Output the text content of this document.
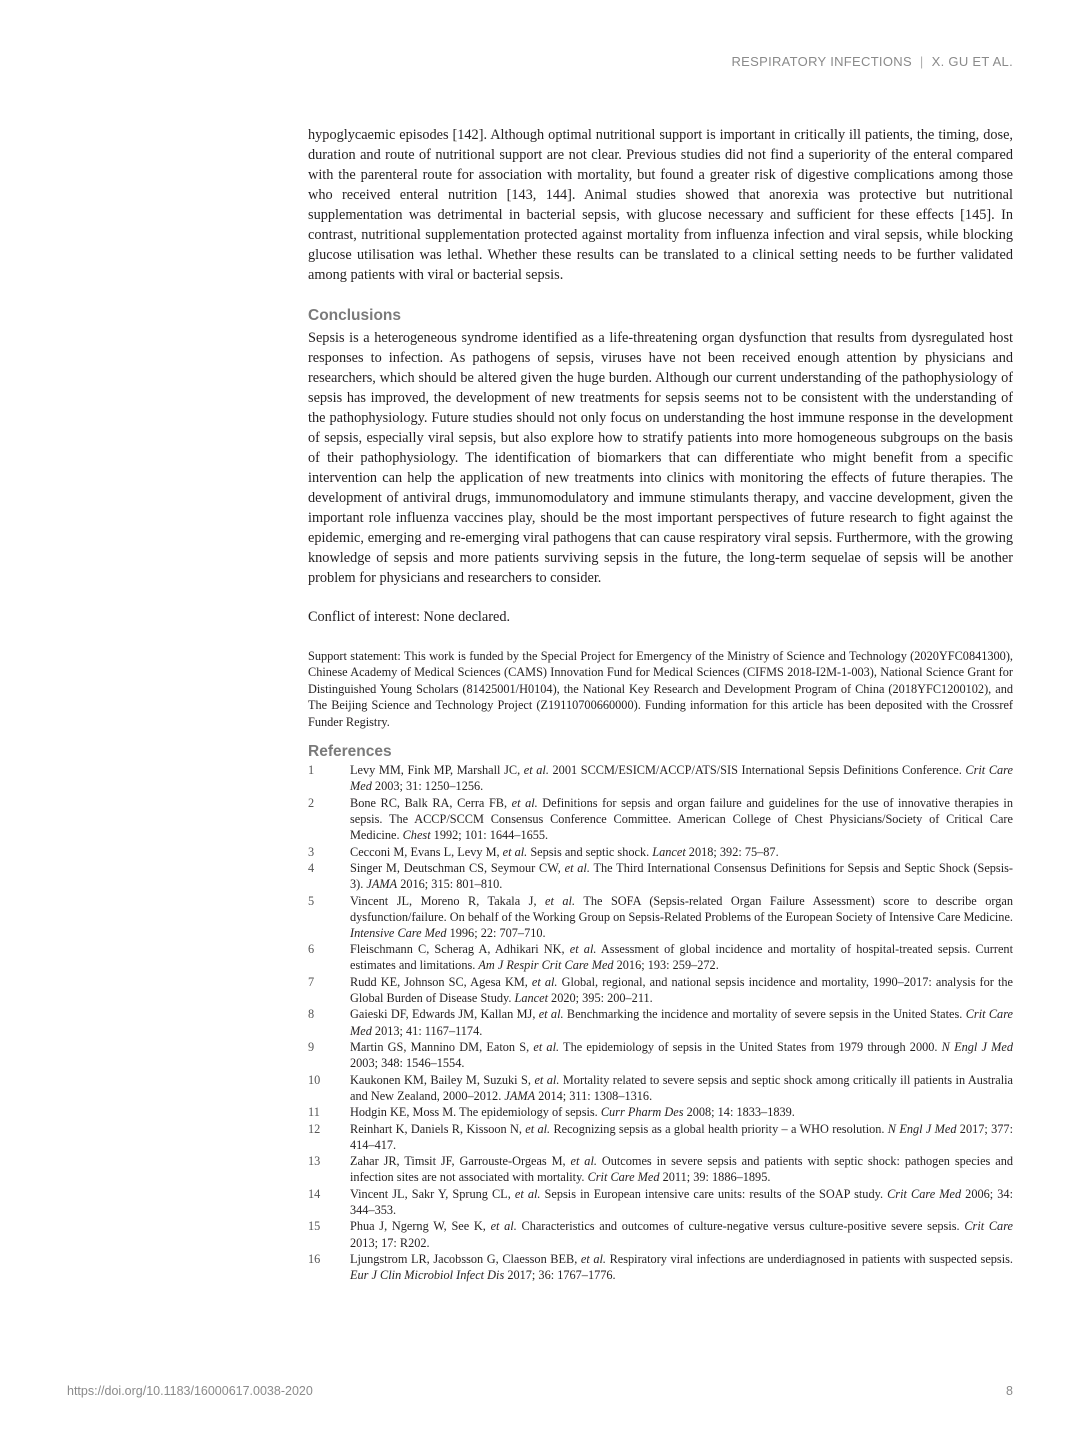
RESPIRATORY INFECTIONS | X. GU ET AL.

hypoglycaemic episodes [142]. Although optimal nutritional support is important in critically ill patients, the timing, dose, duration and route of nutritional support are not clear. Previous studies did not find a superiority of the enteral compared with the parenteral route for association with mortality, but found a greater risk of digestive complications among those who received enteral nutrition [143, 144]. Animal studies showed that anorexia was protective but nutritional supplementation was detrimental in bacterial sepsis, with glucose necessary and sufficient for these effects [145]. In contrast, nutritional supplementation protected against mortality from influenza infection and viral sepsis, while blocking glucose utilisation was lethal. Whether these results can be translated to a clinical setting needs to be further validated among patients with viral or bacterial sepsis.

Conclusions

Sepsis is a heterogeneous syndrome identified as a life-threatening organ dysfunction that results from dysregulated host responses to infection. As pathogens of sepsis, viruses have not been received enough attention by physicians and researchers, which should be altered given the huge burden. Although our current understanding of the pathophysiology of sepsis has improved, the development of new treatments for sepsis seems not to be consistent with the understanding of the pathophysiology. Future studies should not only focus on understanding the host immune response in the development of sepsis, especially viral sepsis, but also explore how to stratify patients into more homogeneous subgroups on the basis of their pathophysiology. The identification of biomarkers that can differentiate who might benefit from a specific intervention can help the application of new treatments into clinics with monitoring the effects of future therapies. The development of antiviral drugs, immunomodulatory and immune stimulants therapy, and vaccine development, given the important role influenza vaccines play, should be the most important perspectives of future research to fight against the epidemic, emerging and re-emerging viral pathogens that can cause respiratory viral sepsis. Furthermore, with the growing knowledge of sepsis and more patients surviving sepsis in the future, the long-term sequelae of sepsis will be another problem for physicians and researchers to consider.

Conflict of interest: None declared.

Support statement: This work is funded by the Special Project for Emergency of the Ministry of Science and Technology (2020YFC0841300), Chinese Academy of Medical Sciences (CAMS) Innovation Fund for Medical Sciences (CIFMS 2018-I2M-1-003), National Science Grant for Distinguished Young Scholars (81425001/H0104), the National Key Research and Development Program of China (2018YFC1200102), and The Beijing Science and Technology Project (Z19110700660000). Funding information for this article has been deposited with the Crossref Funder Registry.

References
1	Levy MM, Fink MP, Marshall JC, et al. 2001 SCCM/ESICM/ACCP/ATS/SIS International Sepsis Definitions Conference. Crit Care Med 2003; 31: 1250–1256.
2	Bone RC, Balk RA, Cerra FB, et al. Definitions for sepsis and organ failure and guidelines for the use of innovative therapies in sepsis. The ACCP/SCCM Consensus Conference Committee. American College of Chest Physicians/Society of Critical Care Medicine. Chest 1992; 101: 1644–1655.
3	Cecconi M, Evans L, Levy M, et al. Sepsis and septic shock. Lancet 2018; 392: 75–87.
4	Singer M, Deutschman CS, Seymour CW, et al. The Third International Consensus Definitions for Sepsis and Septic Shock (Sepsis-3). JAMA 2016; 315: 801–810.
5	Vincent JL, Moreno R, Takala J, et al. The SOFA (Sepsis-related Organ Failure Assessment) score to describe organ dysfunction/failure. On behalf of the Working Group on Sepsis-Related Problems of the European Society of Intensive Care Medicine. Intensive Care Med 1996; 22: 707–710.
6	Fleischmann C, Scherag A, Adhikari NK, et al. Assessment of global incidence and mortality of hospital-treated sepsis. Current estimates and limitations. Am J Respir Crit Care Med 2016; 193: 259–272.
7	Rudd KE, Johnson SC, Agesa KM, et al. Global, regional, and national sepsis incidence and mortality, 1990–2017: analysis for the Global Burden of Disease Study. Lancet 2020; 395: 200–211.
8	Gaieski DF, Edwards JM, Kallan MJ, et al. Benchmarking the incidence and mortality of severe sepsis in the United States. Crit Care Med 2013; 41: 1167–1174.
9	Martin GS, Mannino DM, Eaton S, et al. The epidemiology of sepsis in the United States from 1979 through 2000. N Engl J Med 2003; 348: 1546–1554.
10 Kaukonen KM, Bailey M, Suzuki S, et al. Mortality related to severe sepsis and septic shock among critically ill patients in Australia and New Zealand, 2000–2012. JAMA 2014; 311: 1308–1316.
11 Hodgin KE, Moss M. The epidemiology of sepsis. Curr Pharm Des 2008; 14: 1833–1839.
12 Reinhart K, Daniels R, Kissoon N, et al. Recognizing sepsis as a global health priority – a WHO resolution. N Engl J Med 2017; 377: 414–417.
13 Zahar JR, Timsit JF, Garrouste-Orgeas M, et al. Outcomes in severe sepsis and patients with septic shock: pathogen species and infection sites are not associated with mortality. Crit Care Med 2011; 39: 1886–1895.
14 Vincent JL, Sakr Y, Sprung CL, et al. Sepsis in European intensive care units: results of the SOAP study. Crit Care Med 2006; 34: 344–353.
15 Phua J, Ngerng W, See K, et al. Characteristics and outcomes of culture-negative versus culture-positive severe sepsis. Crit Care 2013; 17: R202.
16 Ljungstrom LR, Jacobsson G, Claesson BEB, et al. Respiratory viral infections are underdiagnosed in patients with suspected sepsis. Eur J Clin Microbiol Infect Dis 2017; 36: 1767–1776.
https://doi.org/10.1183/16000617.0038-2020	8
